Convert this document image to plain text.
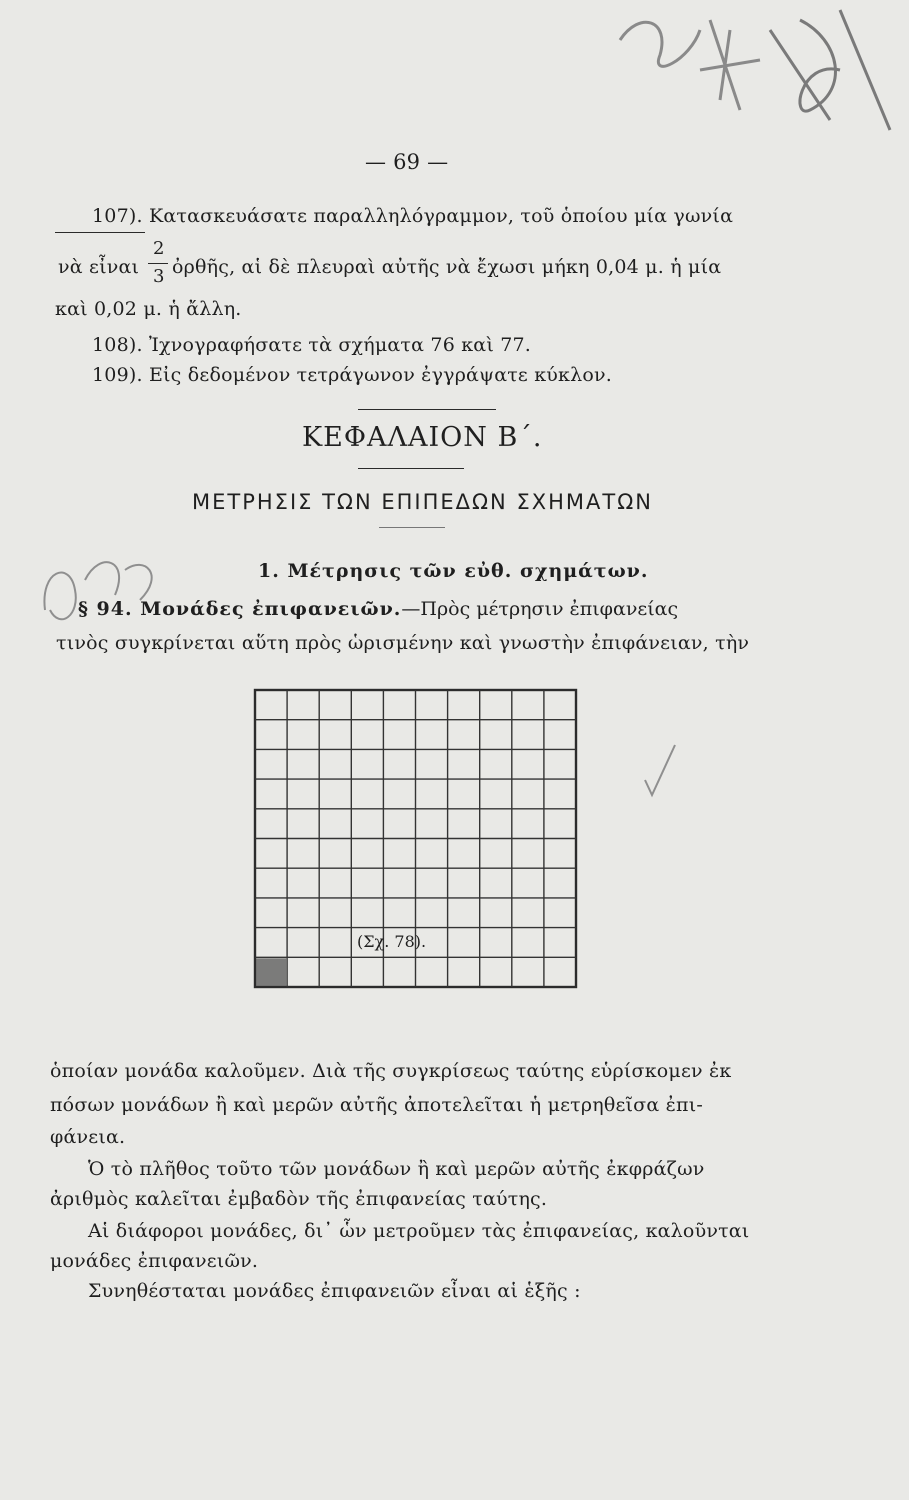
— 69 —
107). Κατασκευάσατε παραλληλόγραμμον, τοῦ ὁποίου μία γωνία
νὰ εἶναι
2
3 ὀρθῆς, αἱ δὲ πλευραὶ αὐτῆς νὰ ἔχωσι μήκη 0,04 μ. ἡ μία
καὶ 0,02 μ. ἡ ἄλλη.
108). Ἰχνογραφήσατε τὰ σχήματα 76 καὶ 77.
109). Εἰς δεδομένον τετράγωνον ἐγγράψατε κύκλον.
ΚΕΦΑΛΑΙΟΝ Β΄.
ΜΕΤΡΗΣΙΣ ΤΩΝ ΕΠΙΠΕΔΩΝ ΣΧΗΜΑΤΩΝ
1. Μέτρησις τῶν εὐθ. σχημάτων.
§ 94. Μονάδες ἐπιφανειῶν.—Πρὸς μέτρησιν ἐπιφανείας
τινὸς συγκρίνεται αὕτη πρὸς ὡρισμένην καὶ γνωστὴν ἐπιφάνειαν, τὴν
(Σχ. 78).
ὁποίαν μονάδα καλοῦμεν. Διὰ τῆς συγκρίσεως ταύτης εὑρίσκομεν ἐκ
πόσων μονάδων ἢ καὶ μερῶν αὐτῆς ἀποτελεῖται ἡ μετρηθεῖσα ἐπι-
φάνεια.
Ὁ τὸ πλῆθος τοῦτο τῶν μονάδων ἢ καὶ μερῶν αὐτῆς ἐκφράζων
ἀριθμὸς καλεῖται ἐμβαδὸν τῆς ἐπιφανείας ταύτης.
Αἱ διάφοροι μονάδες, δι᾿ ὧν μετροῦμεν τὰς ἐπιφανείας, καλοῦνται
μονάδες ἐπιφανειῶν.
Συνηθέσταται μονάδες ἐπιφανειῶν εἶναι αἱ ἑξῆς :
